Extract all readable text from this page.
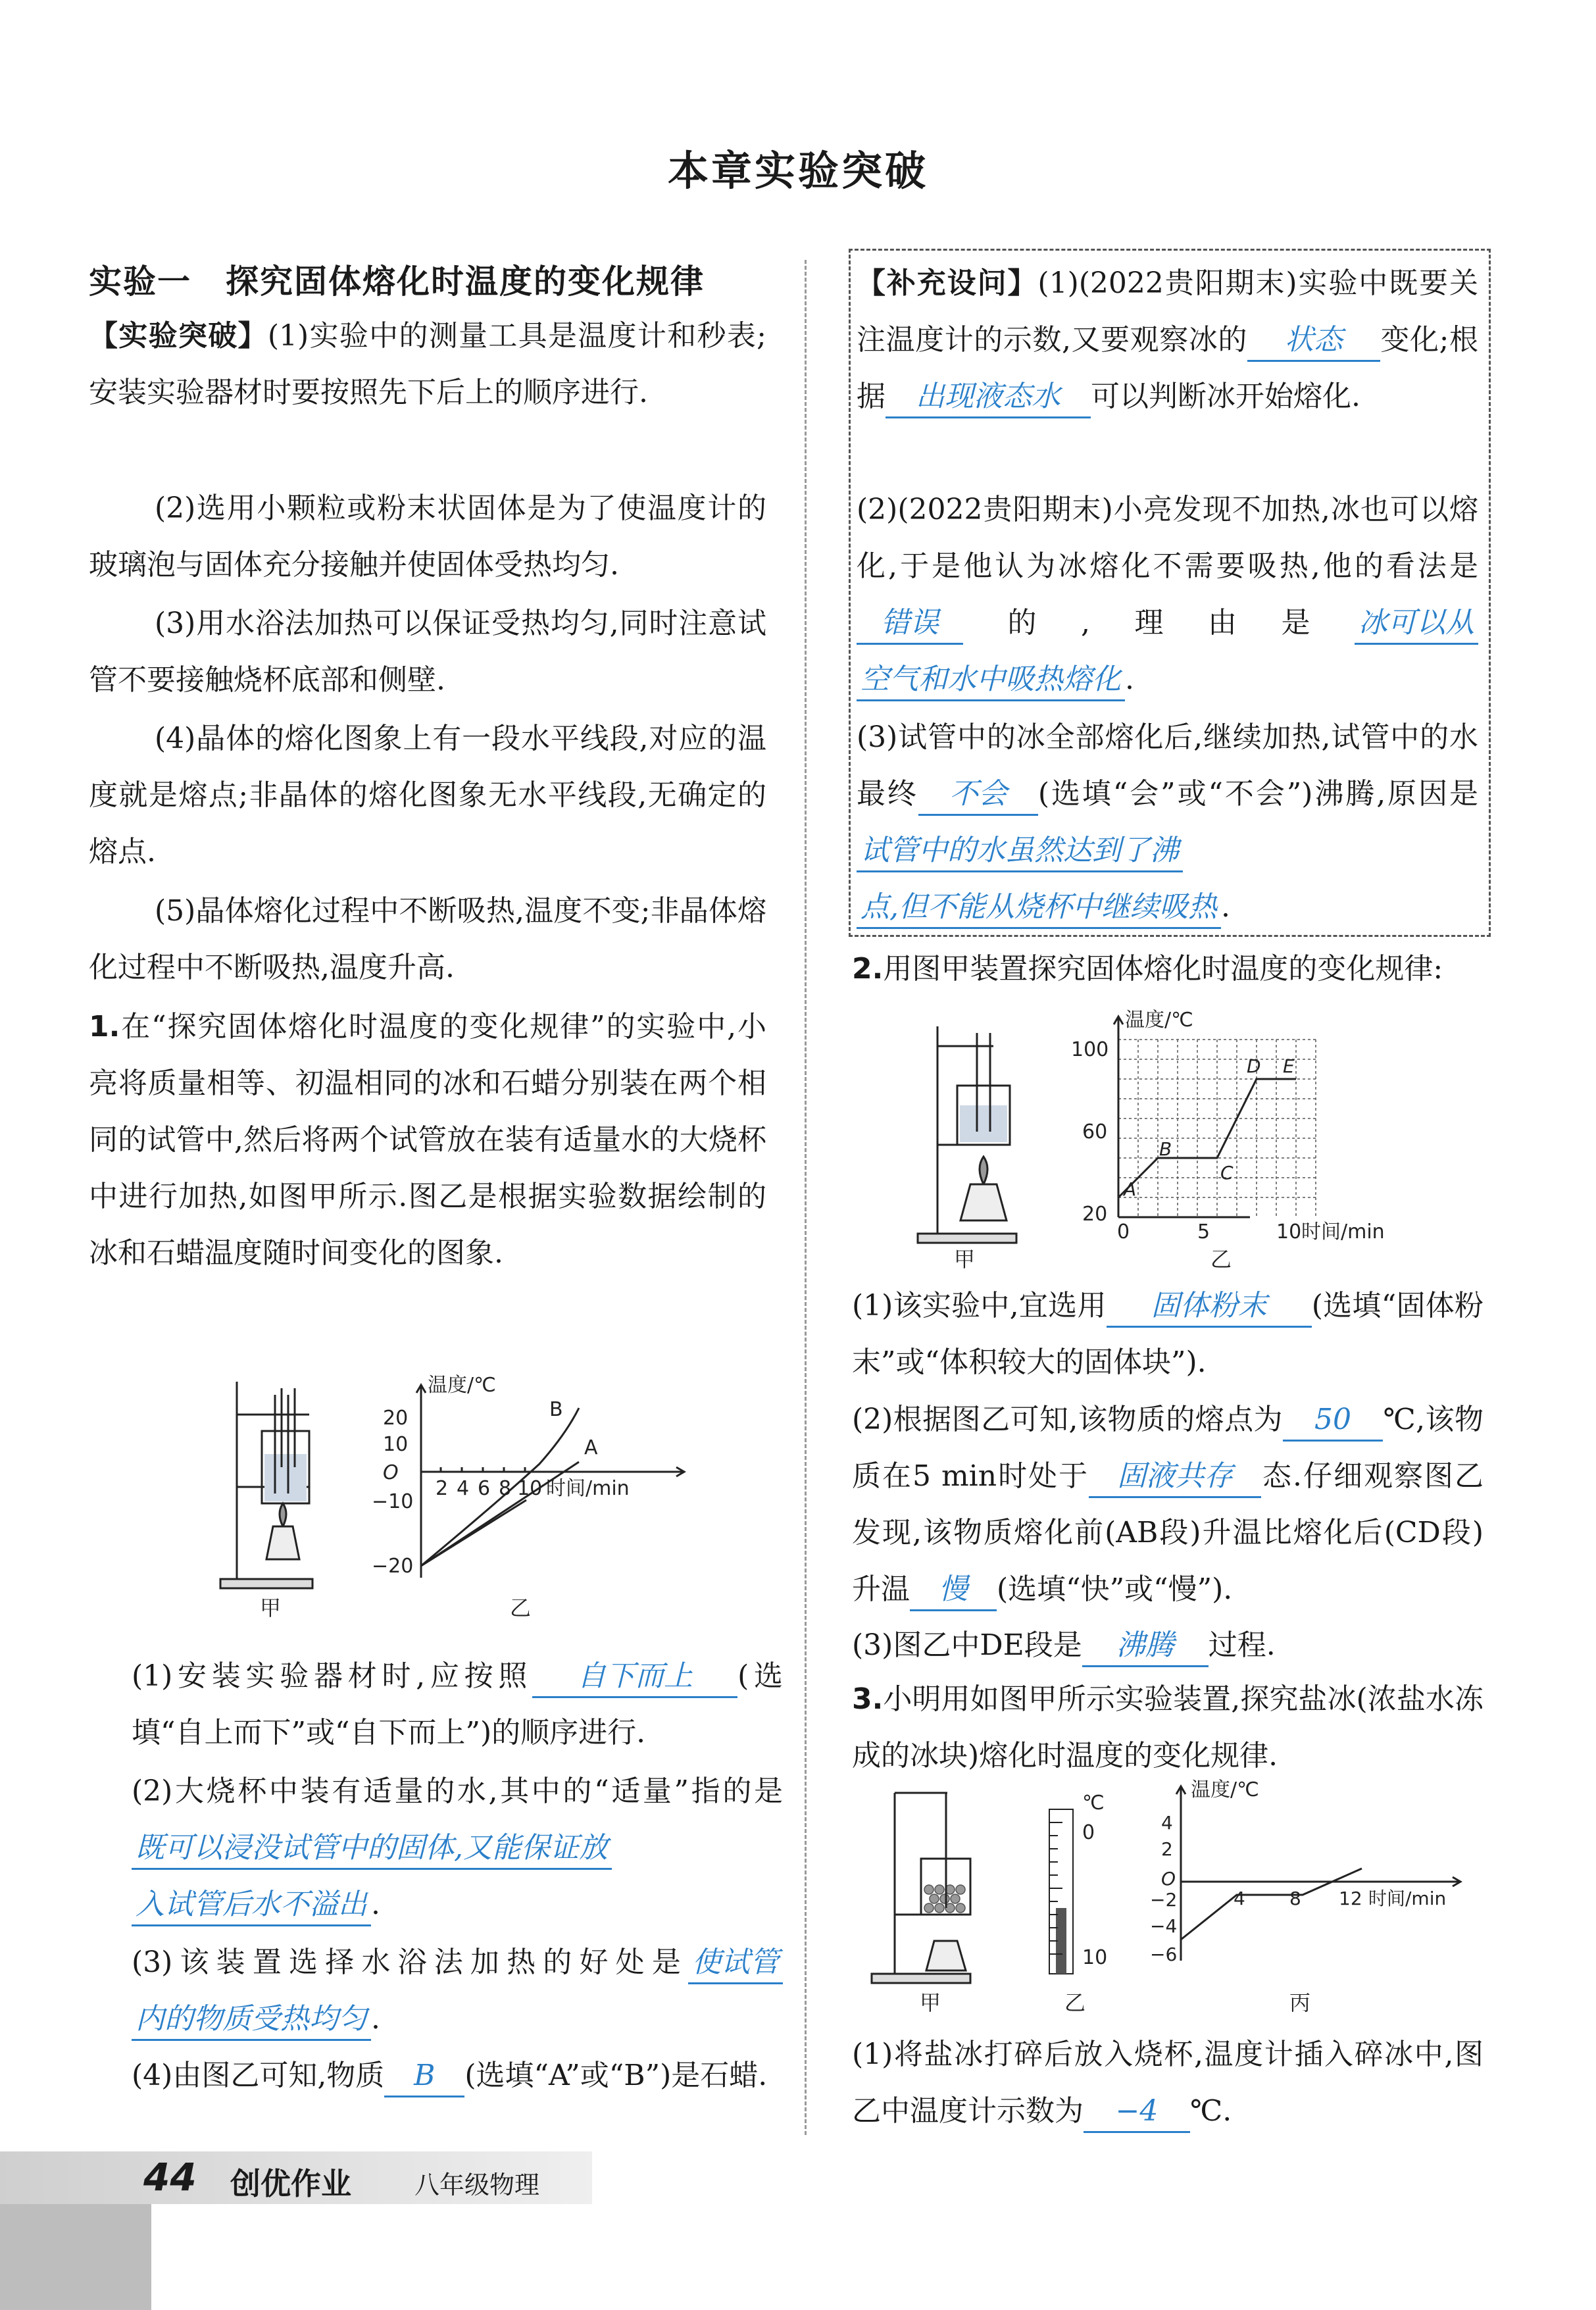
本章实验突破
实验一　探究固体熔化时温度的变化规律
【实验突破】(1)实验中的测量工具是温度计和秒表;安装实验器材时要按照先下后上的顺序进行.
(2)选用小颗粒或粉末状固体是为了使温度计的玻璃泡与固体充分接触并使固体受热均匀.
(3)用水浴法加热可以保证受热均匀,同时注意试管不要接触烧杯底部和侧壁.
(4)晶体的熔化图象上有一段水平线段,对应的温度就是熔点;非晶体的熔化图象无水平线段,无确定的熔点.
(5)晶体熔化过程中不断吸热,温度不变;非晶体熔化过程中不断吸热,温度升高.
1.在“探究固体熔化时温度的变化规律”的实验中,小亮将质量相等、初温相同的冰和石蜡分别装在两个相同的试管中,然后将两个试管放在装有适量水的大烧杯中进行加热,如图甲所示.图乙是根据实验数据绘制的冰和石蜡温度随时间变化的图象.
甲
温度/℃
20
10
O
−10
−20
2 4 6 8 10 时间/min
A
B
乙
(1)安装实验器材时,应按照 自下而上 (选填“自上而下”或“自下而上”)的顺序进行.
(2)大烧杯中装有适量的水,其中的“适量”指的是既可以浸没试管中的固体,又能保证放入试管后水不溢出 .
(3)该装置选择水浴法加热的好处是 使试管内的物质受热均匀 .
(4)由图乙可知,物质 B (选填“A”或“B”)是石蜡.
【补充设问】(1)(2022贵阳期末)实验中既要关注温度计的示数,又要观察冰的 状态 变化;根据 出现液态水 可以判断冰开始熔化.
(2)(2022贵阳期末)小亮发现不加热,冰也可以熔化,于是他认为冰熔化不需要吸热,他的看法是错误 的,理由是 冰可以从空气和水中吸热熔化 .
(3)试管中的冰全部熔化后,继续加热,试管中的水最终 不会 (选填“会”或“不会”)沸腾,原因是试管中的水虽然达到了沸点,但不能从烧杯中继续吸热 .
2.用图甲装置探究固体熔化时温度的变化规律:
甲
温度/℃
100
60
20
0	5	10 时间/min
A
B
C
D E
乙
(1)该实验中,宜选用 固体粉末 (选填“固体粉末”或“体积较大的固体块”).
(2)根据图乙可知,该物质的熔点为 50 ℃,该物质在5 min时处于 固液共存 态.仔细观察图乙发现,该物质熔化前(AB段)升温比熔化后(CD段)升温 慢 (选填“快”或“慢”).
(3)图乙中DE段是 沸腾 过程.
3.小明用如图甲所示实验装置,探究盐冰(浓盐水冻成的冰块)熔化时温度的变化规律.
甲
℃
0
10
乙
温度/℃
4
2
O
−2
−4
−6
4 8 12 时间/min
丙
(1)将盐冰打碎后放入烧杯,温度计插入碎冰中,图乙中温度计示数为 −4 ℃.
44 创优作业	八年级物理
